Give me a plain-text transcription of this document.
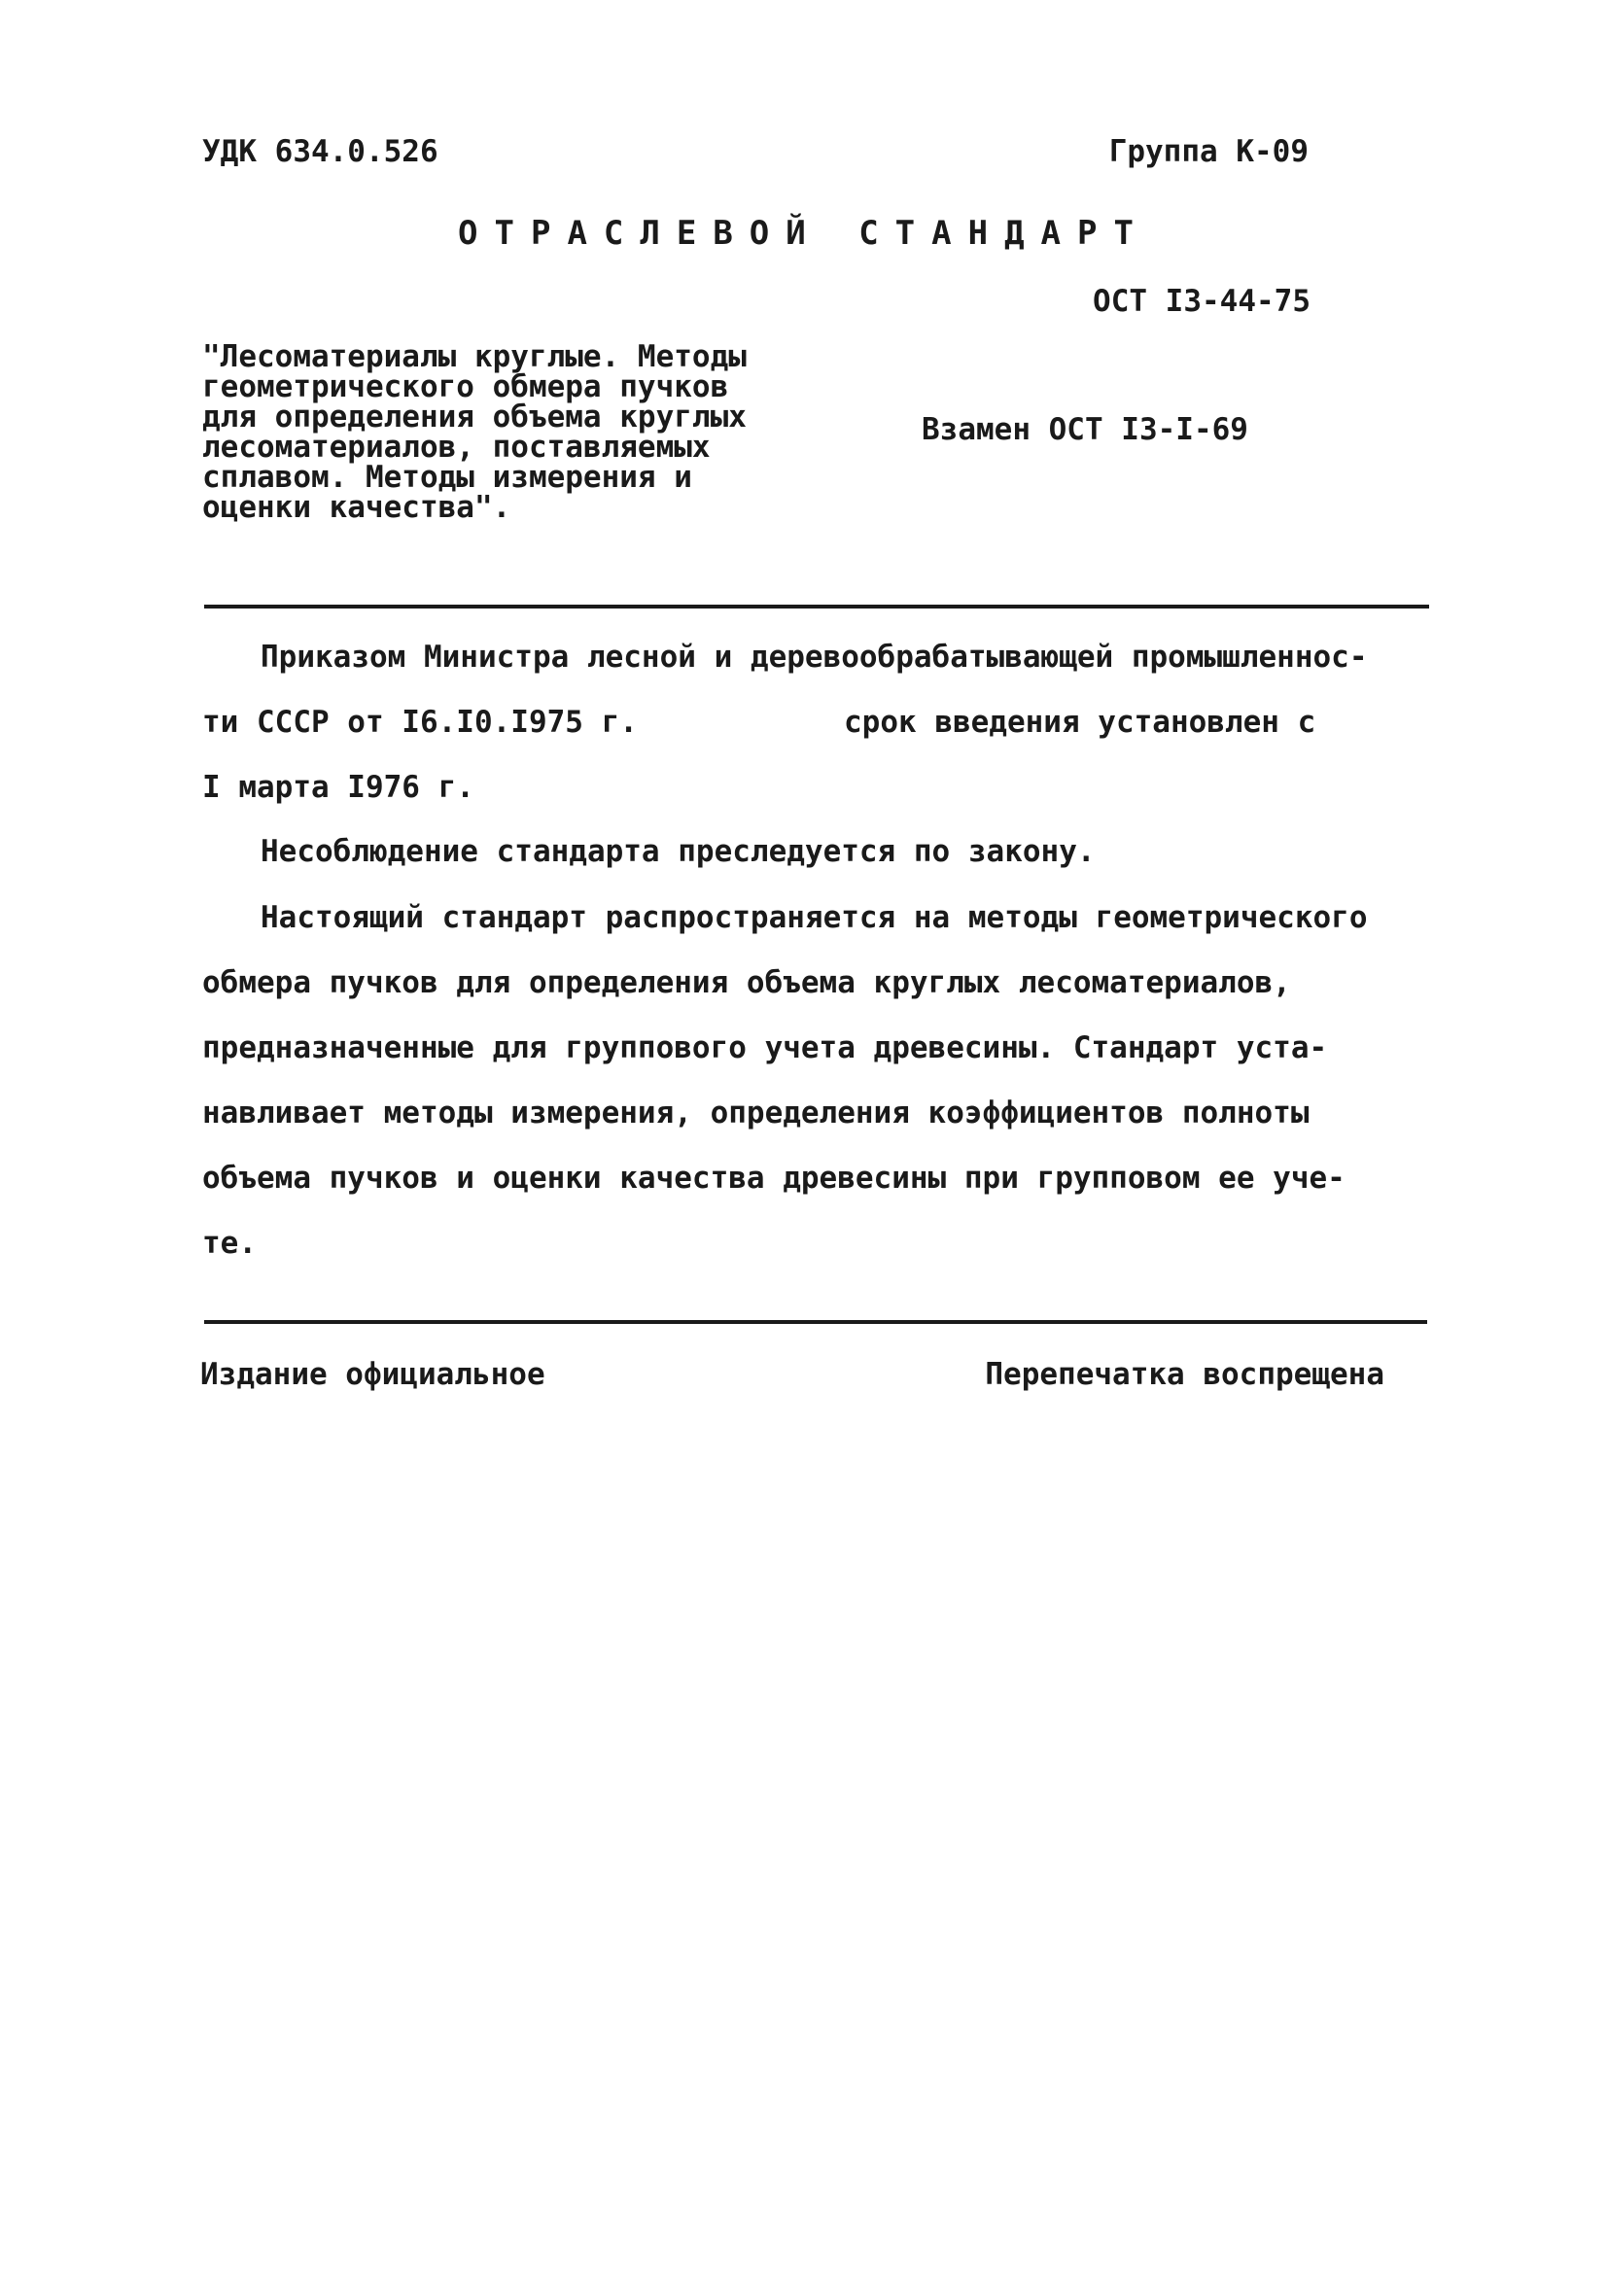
УДК 634.0.526	Группа К-09
ОТРАСЛЕВОЙ СТАНДАРТ
ОСТ I3-44-75
"Лесоматериалы круглые. Методы
геометрического обмера пучков
для определения объема круглых
лесоматериалов, поставляемых
сплавом. Методы измерения и
оценки качества".
Взамен ОСТ I3-I-69
Приказом Министра лесной и деревообрабатывающей промышленнос-
ти СССР от I6.I0.I975 г.	срок введения установлен с
I марта I976 г.
Несоблюдение стандарта преследуется по закону.
Настоящий стандарт распространяется на методы геометрического
обмера пучков для определения объема круглых лесоматериалов,
предназначенные для группового учета древесины. Стандарт уста-
навливает методы измерения, определения коэффициентов полноты
объема пучков и оценки качества древесины при групповом ее уче-
те.
Издание официальное	Перепечатка воспрещена
